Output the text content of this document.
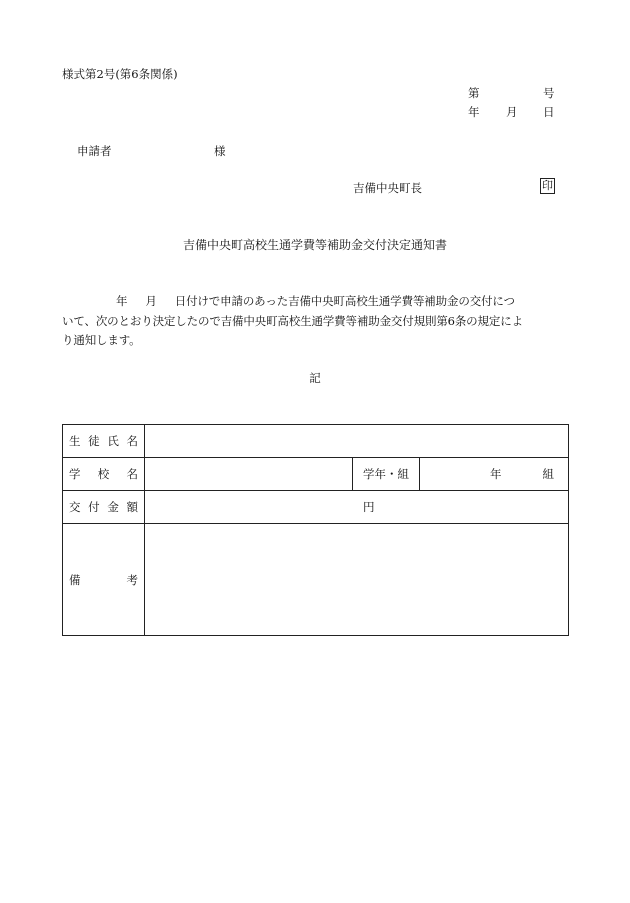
様式第2号(第6条関係)
第	号
年 月 日
申請者	様
吉備中央町長	印
吉備中央町高校生通学費等補助金交付決定通知書
年 月 日付けで申請のあった吉備中央町高校生通学費等補助金の交付につ
いて、次のとおり決定したので吉備中央町高校生通学費等補助金交付規則第6条の規定によ
り通知します。
記
生 徒 氏 名			

学 校 名		学年・組	年 組

交 付 金 額	円		

備 考			
